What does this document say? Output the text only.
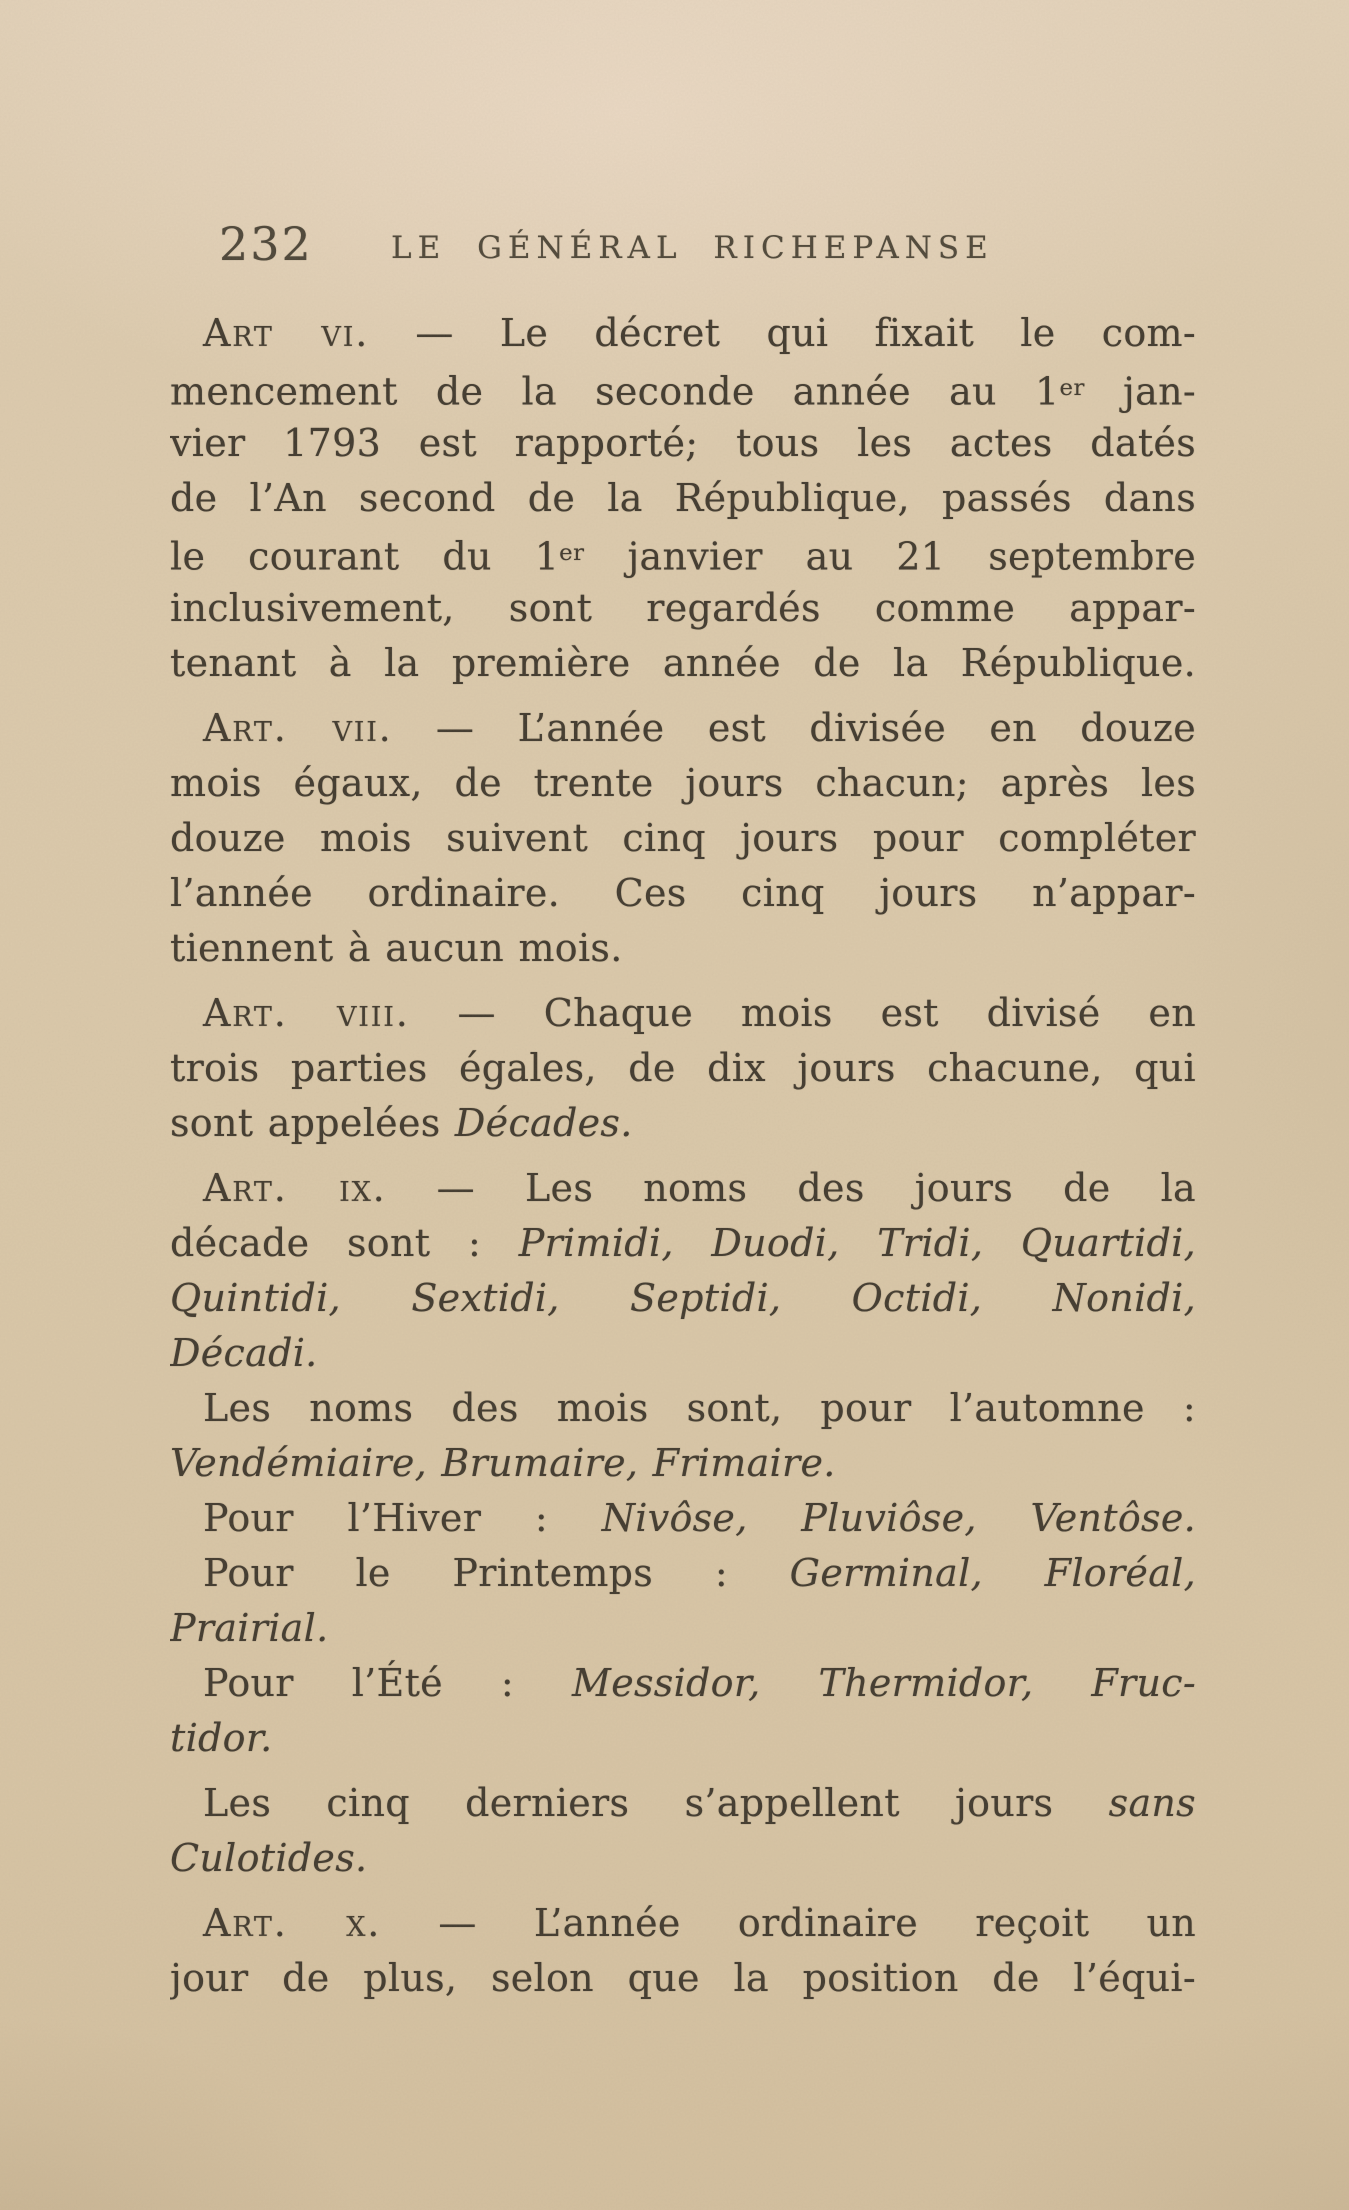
232	LE GÉNÉRAL RICHEPANSE
Art vi. — Le décret qui fixait le com-
mencement de la seconde année au 1er jan-
vier 1793 est rapporté; tous les actes datés
de l’An second de la République, passés dans
le courant du 1er janvier au 21 septembre
inclusivement, sont regardés comme appar-
tenant à la première année de la République.
Art. vii. — L’année est divisée en douze
mois égaux, de trente jours chacun; après les
douze mois suivent cinq jours pour compléter
l’année ordinaire. Ces cinq jours n’appar-
tiennent à aucun mois.
Art. viii. — Chaque mois est divisé en
trois parties égales, de dix jours chacune, qui
sont appelées Décades.
Art. ix. — Les noms des jours de la
décade sont : Primidi, Duodi, Tridi, Quartidi,
Quintidi, Sextidi, Septidi, Octidi, Nonidi,
Décadi.
Les noms des mois sont, pour l’automne :
Vendémiaire, Brumaire, Frimaire.
Pour l’Hiver : Nivôse, Pluviôse, Ventôse.
Pour le Printemps : Germinal, Floréal,
Prairial.
Pour l’Été : Messidor, Thermidor, Fruc-
tidor.
Les cinq derniers s’appellent jours sans
Culotides.
Art. x. — L’année ordinaire reçoit un
jour de plus, selon que la position de l’équi-
